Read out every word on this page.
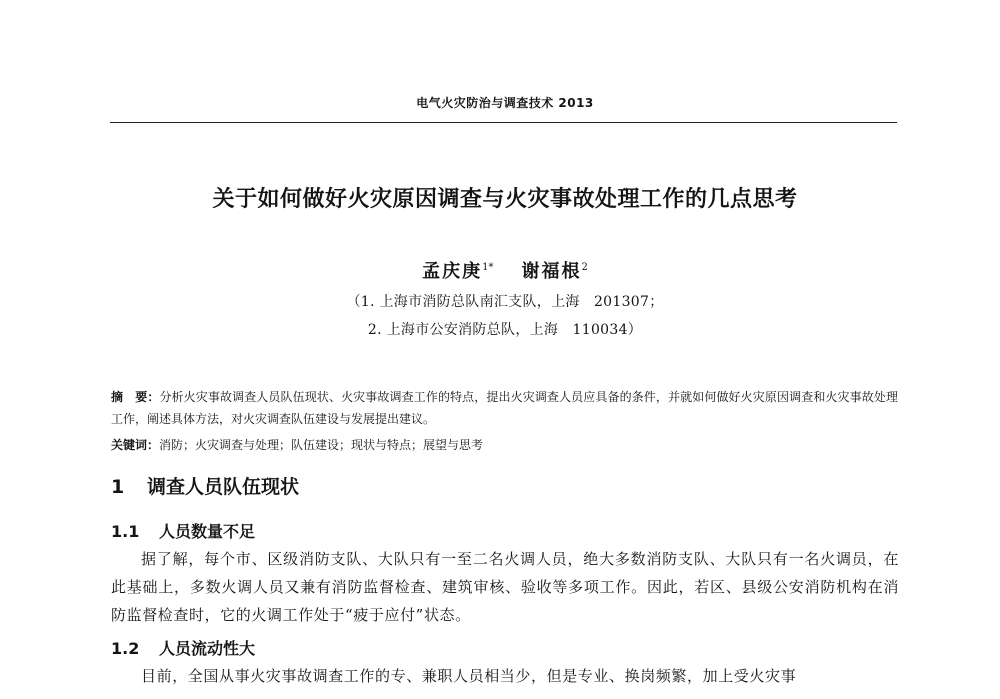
电气火灾防治与调查技术 2013
关于如何做好火灾原因调查与火灾事故处理工作的几点思考
孟庆庚$^{1*}$ 谢福根$^2$
（1. 上海市消防总队南汇支队，上海　201307；
2. 上海市公安消防总队，上海　110034）
摘　要：分析火灾事故调查人员队伍现状、火灾事故调查工作的特点，提出火灾调查人员应具备的条件，并就如何做好火灾原因调查和火灾事故处理工作，阐述具体方法，对火灾调查队伍建设与发展提出建议。
关键词：消防；火灾调查与处理；队伍建设；现状与特点；展望与思考
1 调查人员队伍现状
1.1 人员数量不足
据了解，每个市、区级消防支队、大队只有一至二名火调人员，绝大多数消防支队、大队只有一名火调员，在此基础上，多数火调人员又兼有消防监督检查、建筑审核、验收等多项工作。因此，若区、县级公安消防机构在消防监督检查时，它的火调工作处于“疲于应付”状态。
1.2 人员流动性大
目前，全国从事火灾事故调查工作的专、兼职人员相当少，但是专业、换岗频繁，加上受火灾事
